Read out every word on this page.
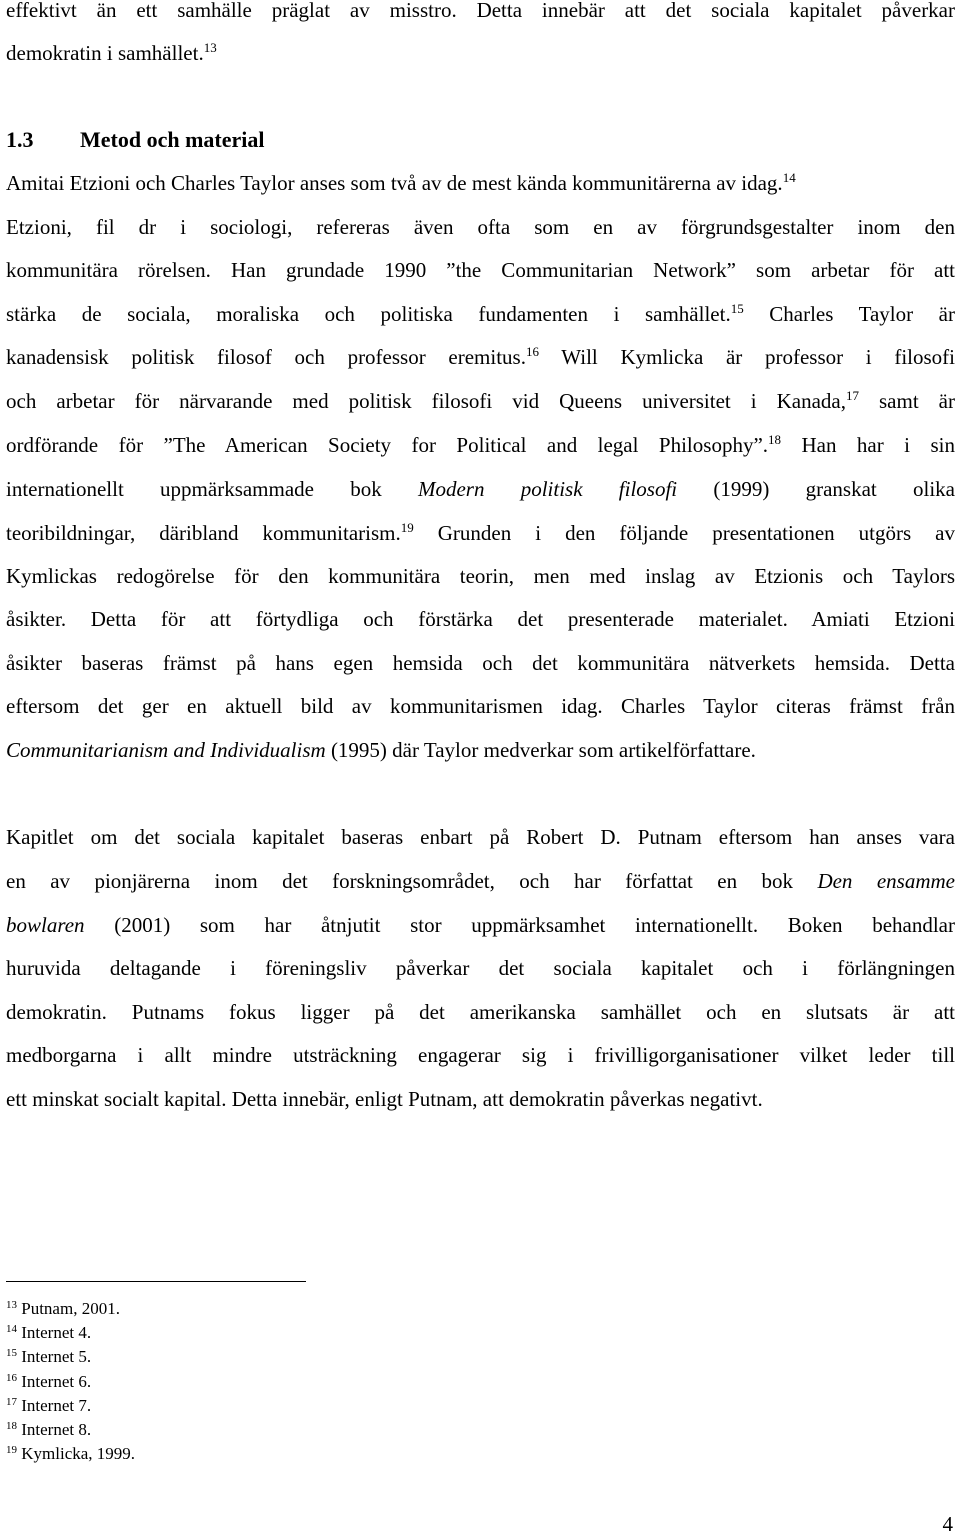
effektivt än ett samhälle präglat av misstro. Detta innebär att det sociala kapitalet påverkar
demokratin i samhället.$^{13}$
1.3 Metod och material
Amitai Etzioni och Charles Taylor anses som två av de mest kända kommunitärerna av idag.$^{14}$
Etzioni, fil dr i sociologi, refereras även ofta som en av förgrundsgestalter inom den
kommunitära rörelsen. Han grundade 1990 ”the Communitarian Network” som arbetar för att
stärka de sociala, moraliska och politiska fundamenten i samhället.$^{15}$ Charles Taylor är
kanadensisk politisk filosof och professor eremitus.$^{16}$ Will Kymlicka är professor i filosofi
och arbetar för närvarande med politisk filosofi vid Queens universitet i Kanada,$^{17}$ samt är
ordförande för ”The American Society for Political and legal Philosophy”.$^{18}$ Han har i sin
internationellt uppmärksammade bok Modern politisk filosofi (1999) granskat olika
teoribildningar, däribland kommunitarism.$^{19}$ Grunden i den följande presentationen utgörs av
Kymlickas redogörelse för den kommunitära teorin, men med inslag av Etzionis och Taylors
åsikter. Detta för att förtydliga och förstärka det presenterade materialet. Amiati Etzioni
åsikter baseras främst på hans egen hemsida och det kommunitära nätverkets hemsida. Detta
eftersom det ger en aktuell bild av kommunitarismen idag. Charles Taylor citeras främst från
Communitarianism and Individualism (1995) där Taylor medverkar som artikelförfattare.
Kapitlet om det sociala kapitalet baseras enbart på Robert D. Putnam eftersom han anses vara
en av pionjärerna inom det forskningsområdet, och har författat en bok Den ensamme
bowlaren (2001) som har åtnjutit stor uppmärksamhet internationellt. Boken behandlar
huruvida deltagande i föreningsliv påverkar det sociala kapitalet och i förlängningen
demokratin. Putnams fokus ligger på det amerikanska samhället och en slutsats är att
medborgarna i allt mindre utsträckning engagerar sig i frivilligorganisationer vilket leder till
ett minskat socialt kapital. Detta innebär, enligt Putnam, att demokratin påverkas negativt.
$^{13}$ Putnam, 2001.
$^{14}$ Internet 4.
$^{15}$ Internet 5.
$^{16}$ Internet 6.
$^{17}$ Internet 7.
$^{18}$ Internet 8.
$^{19}$ Kymlicka, 1999.
4
